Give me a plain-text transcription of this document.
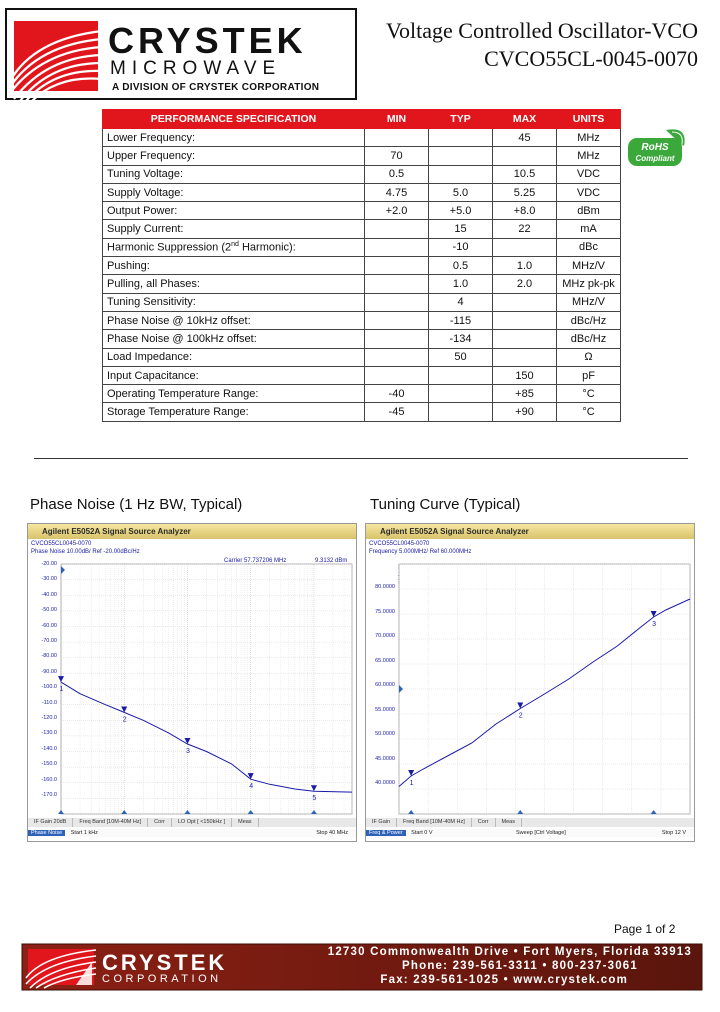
CRYSTEK
MICROWAVE
A DIVISION OF CRYSTEK CORPORATION
Voltage Controlled Oscillator-VCO
CVCO55CL-0045-0070
PERFORMANCE SPECIFICATION	MIN	TYP	MAX	UNITS
Lower Frequency:			45	MHz
Upper Frequency:	70			MHz
Tuning Voltage:	0.5		10.5	VDC
Supply Voltage:	4.75	5.0	5.25	VDC
Output Power:	+2.0	+5.0	+8.0	dBm
Supply Current:		15	22	mA
Harmonic Suppression (2nd Harmonic):		-10		dBc
Pushing:		0.5	1.0	MHz/V
Pulling, all Phases:		1.0	2.0	MHz pk-pk
Tuning Sensitivity:		4		MHz/V
Phase Noise @ 10kHz offset:		-115		dBc/Hz
Phase Noise @ 100kHz offset:		-134		dBc/Hz
Load Impedance:		50		Ω
Input Capacitance:			150	pF
Operating Temperature Range:	-40		+85	°C
Storage Temperature Range:	-45		+90	°C
RoHS
Compliant
Phase Noise (1 Hz BW, Typical)	Tuning Curve (Typical)
Agilent E5052A Signal Source Analyzer
CVCO55CL0045-0070
Phase Noise 10.00dB/ Ref -20.00dBc/Hz
Carrier 57.737206 MHz	9.3132 dBm
-20.00
-30.00
-40.00
-50.00
-60.00
-70.00
-80.00
-90.00
-100.0
-110.0
-120.0
-130.0
-140.0
-150.0
-160.0
-170.0
1
2
3
4
5
IF Gain 20dB Freq Band [10M-40M Hz] Corr LO Opt [ <150kHz ] Meas
Phase Noise Start 1 kHz	Stop 40 MHz
Agilent E5052A Signal Source Analyzer
CVCO55CL0045-0070
Frequency 5.000MHz/ Ref 60.000MHz
80.0000
75.0000
70.0000
65.0000
60.0000
55.0000
50.0000
45.0000
40.0000 1
2
3
IF Gain Freq Band [10M-40M Hz] Corr Meas
Freq & Power Start 0 V	Sweep [Ctrl Voltage]	Stop 12 V
Page 1 of 2
CRYSTEK
CORPORATION
12730 Commonwealth Drive • Fort Myers, Florida 33913
Phone: 239-561-3311 • 800-237-3061
Fax: 239-561-1025 • www.crystek.com
